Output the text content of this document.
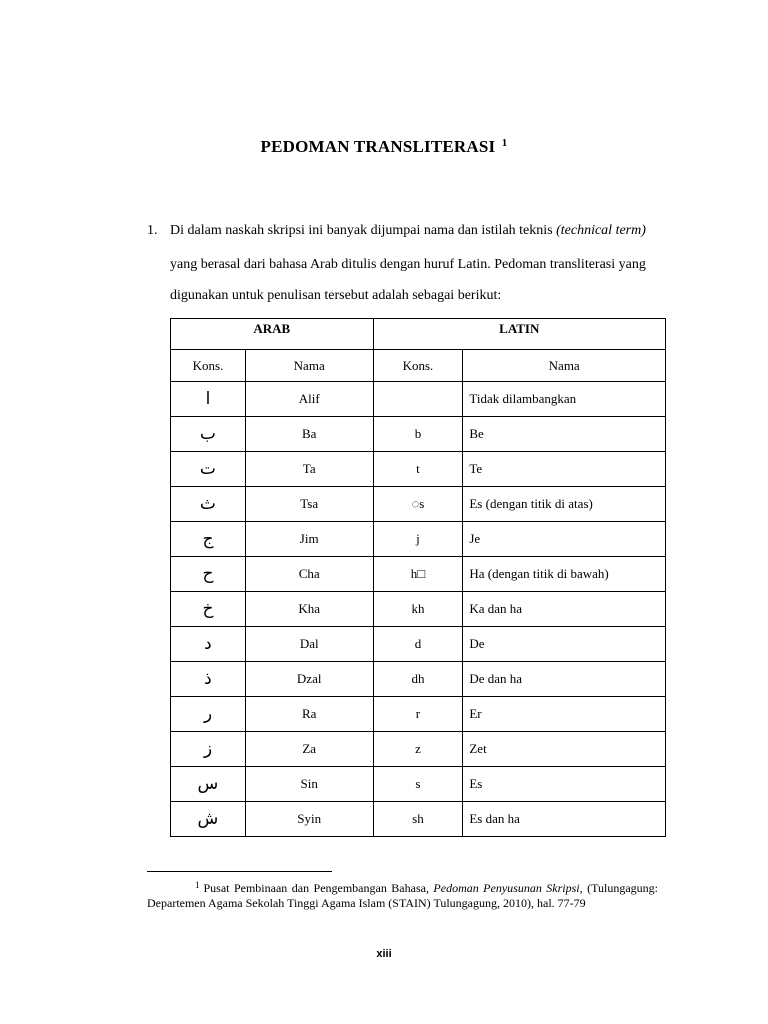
PEDOMAN TRANSLITERASI $^1$
1. Di dalam naskah skripsi ini banyak dijumpai nama dan istilah teknis (technical term)
yang berasal dari bahasa Arab ditulis dengan huruf Latin. Pedoman transliterasi yang
digunakan untuk penulisan tersebut adalah sebagai berikut:
ARAB		LATIN	
Kons.	Nama	Kons.	Nama
ا	Alif		Tidak dilambangkan
ب	Ba	b	Be
ت	Ta	t	Te
ث	Tsa	◌s	Es (dengan titik di atas)
ج	Jim	j	Je
ح	Cha	h□	Ha (dengan titik di bawah)
خ	Kha	kh	Ka dan ha
د	Dal	d	De
ذ	Dzal	dh	De dan ha
ر	Ra	r	Er
ز	Za	z	Zet
س	Sin	s	Es
ش	Syin	sh	Es dan ha
$^1$ Pusat Pembinaan dan Pengembangan Bahasa, Pedoman Penyusunan Skripsi, (Tulungagung: Departemen Agama Sekolah Tinggi Agama Islam (STAIN) Tulungagung, 2010), hal. 77-79
xiii
